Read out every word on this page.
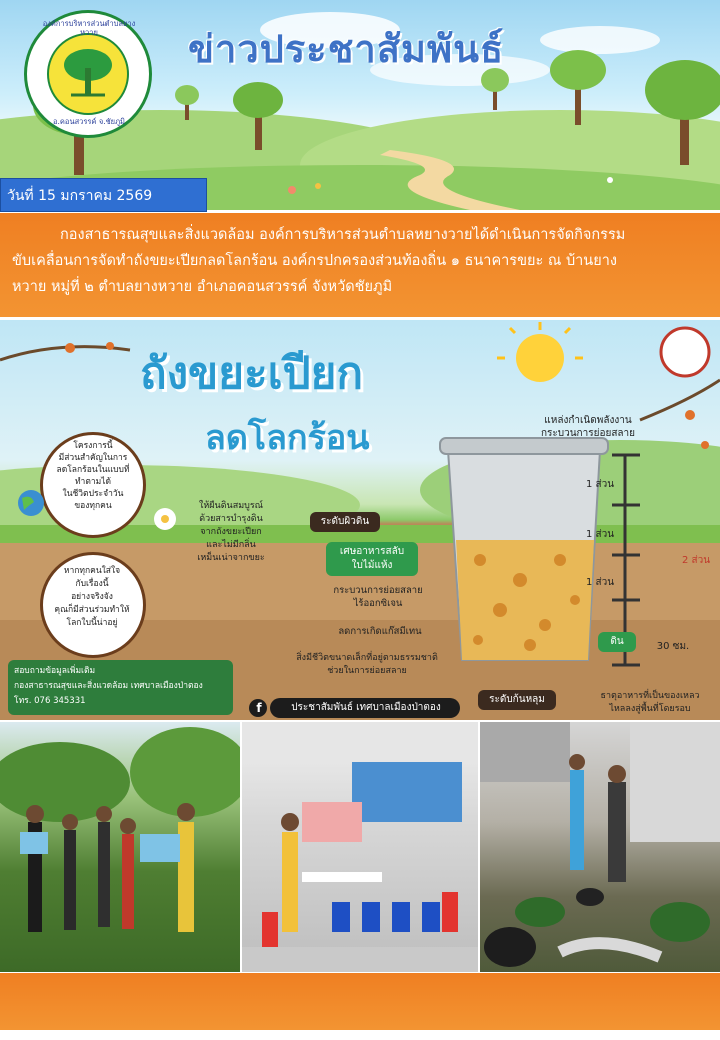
องค์การบริหารส่วนตำบลยางหวาย
อ.คอนสวรรค์ จ.ชัยภูมิ
ข่าวประชาสัมพันธ์
วันที่ 15 มกราคม 2569

กองสาธารณสุขและสิ่งแวดล้อม องค์การบริหารส่วนตำบลหยางวายได้ดำเนินการจัดกิจกรรม

ขับเคลื่อนการจัดทำถังขยะเปียกลดโลกร้อน องค์กรปกครองส่วนท้องถิ่น ๑ ธนาคารขยะ ณ บ้านยาง
หวาย หมู่ที่ ๒ ตำบลยางหวาย อำเภอคอนสวรรค์ จังหวัดชัยภูมิ
ถังขยะเปียก
ลดโลกร้อน	แหล่งกำเนิดพลังงาน
กระบวนการย่อยสลาย
โครงการนี้
มีส่วนสำคัญในการ
ลดโลกร้อนในแบบที่
ทำตามได้
ในชีวิตประจำวัน
ของทุกคน
หากทุกคนใส่ใจ
กับเรื่องนี้
อย่างจริงจัง
คุณก็มีส่วนร่วมทำให้
โลกใบนี้น่าอยู่
ให้ผืนดินสมบูรณ์
ด้วยสารบำรุงดิน
จากถังขยะเปียก
และไม่มีกลิ่น
เหม็นเน่าจากขยะ
ระดับผิวดิน
เศษอาหารสลับ
ใบไม้แห้ง
กระบวนการย่อยสลาย
ไร้ออกซิเจน
ลดการเกิดแก๊สมีเทน
สิ่งมีชีวิตขนาดเล็กที่อยู่ตามธรรมชาติ
ช่วยในการย่อยสลาย
ระดับก้นหลุม	ธาตุอาหารที่เป็นของเหลว
ไหลลงสู่พื้นที่โดยรอบ
ดิน
1 ส่วน
1 ส่วน
1 ส่วน
2 ส่วน
30 ซม.
สอบถามข้อมูลเพิ่มเติม
กองสาธารณสุขและสิ่งแวดล้อม เทศบาลเมืองป่าตอง
โทร. 076 345331	f	ประชาสัมพันธ์ เทศบาลเมืองป่าตอง
